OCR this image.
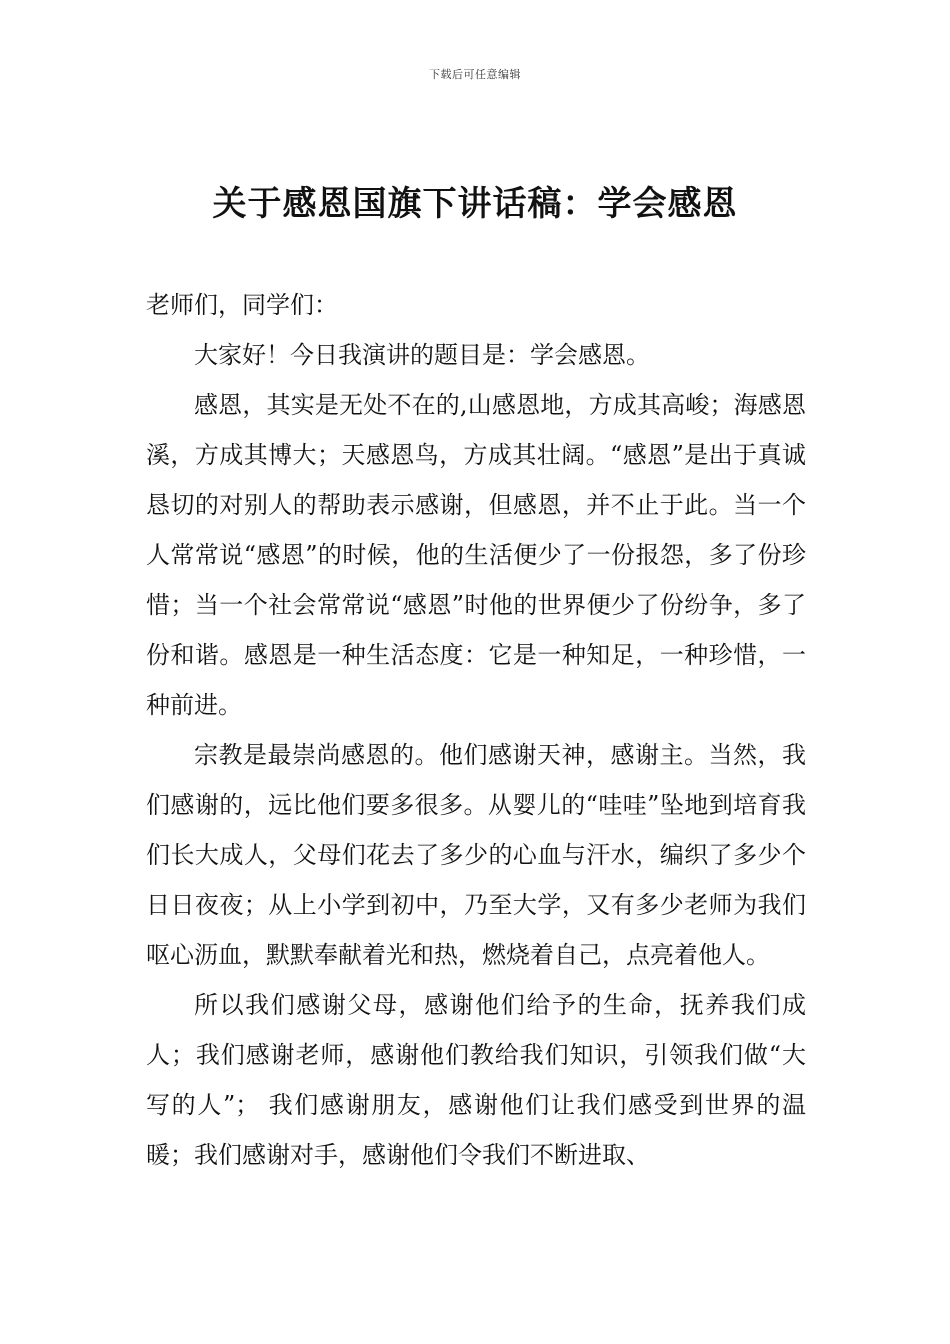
下载后可任意编辑
关于感恩国旗下讲话稿：学会感恩

老师们，同学们：

大家好！今日我演讲的题目是：学会感恩。

感恩，其实是无处不在的,山感恩地，方成其高峻；海感恩溪，方成其博大；天感恩鸟，方成其壮阔。“感恩”是出于真诚恳切的对别人的帮助表示感谢，但感恩，并不止于此。当一个人常常说“感恩”的时候，他的生活便少了一份报怨，多了份珍惜；当一个社会常常说“感恩”时他的世界便少了份纷争，多了份和谐。感恩是一种生活态度：它是一种知足，一种珍惜，一种前进。

宗教是最崇尚感恩的。他们感谢天神，感谢主。当然，我们感谢的，远比他们要多很多。从婴儿的“哇哇”坠地到培育我们长大成人，父母们花去了多少的心血与汗水，编织了多少个日日夜夜；从上小学到初中，乃至大学，又有多少老师为我们呕心沥血，默默奉献着光和热，燃烧着自己，点亮着他人。

所以我们感谢父母，感谢他们给予的生命，抚养我们成人；我们感谢老师，感谢他们教给我们知识，引领我们做“大写的人”； 我们感谢朋友，感谢他们让我们感受到世界的温暖；我们感谢对手，感谢他们令我们不断进取、
